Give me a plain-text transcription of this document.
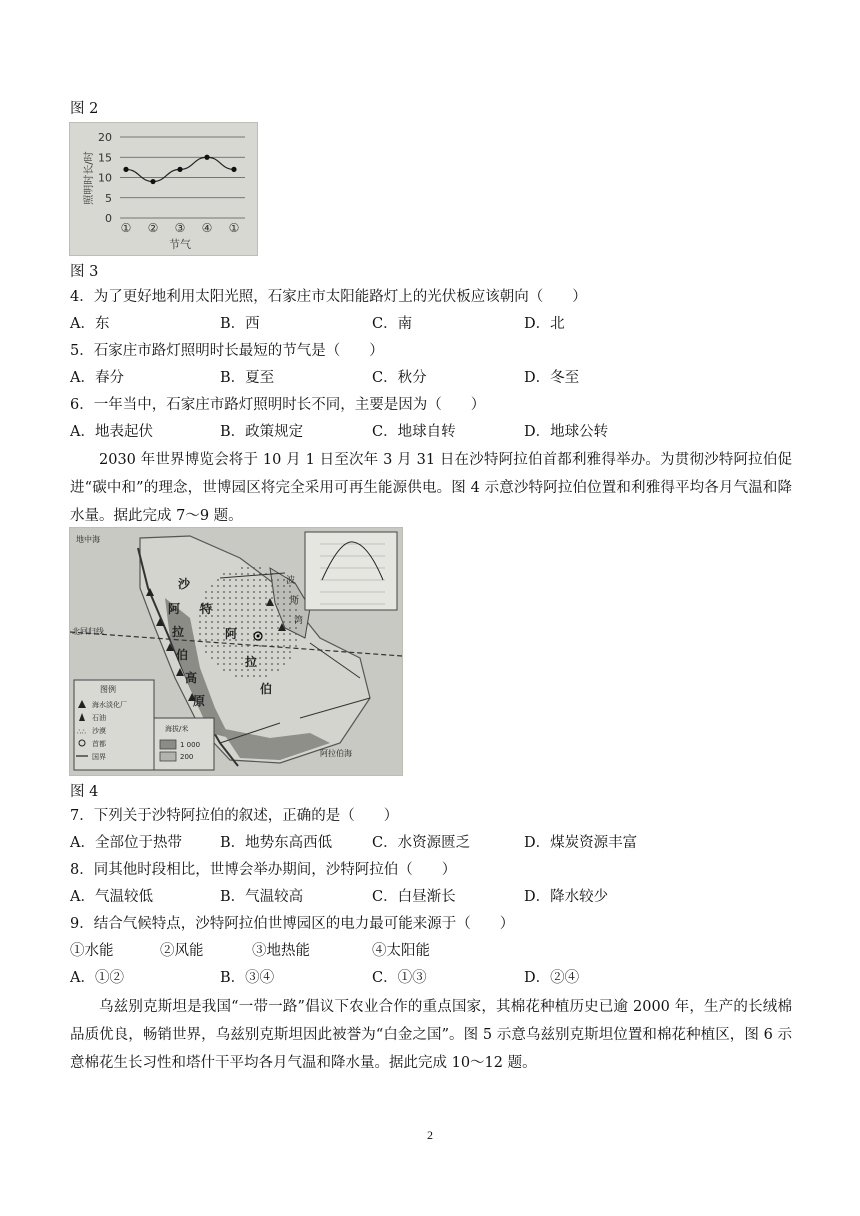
图 2
20
15
10
5
0
① ② ③ ④ ①
节气
照明时长/时
图 3
4．为了更好地利用太阳光照，石家庄市太阳能路灯上的光伏板应该朝向（　　）
A．东	B．西	C．南	D．北
5．石家庄市路灯照明时长最短的节气是（　　）
A．春分	B．夏至	C．秋分	D．冬至
6．一年当中，石家庄市路灯照明时长不同，主要是因为（　　）
A．地表起伏	B．政策规定	C．地球自转	D．地球公转
2030 年世界博览会将于 10 月 1 日至次年 3 月 31 日在沙特阿拉伯首都利雅得举办。为贯彻沙特阿拉伯促进“碳中和”的理念，世博园区将完全采用可再生能源供电。图 4 示意沙特阿拉伯位置和利雅得平均各月气温和降水量。据此完成 7～9 题。
地中海
北回归线
沙
特
阿
拉
伯
阿
拉
伯
高
原
波
斯
湾
阿拉伯海
图例
海水淡化厂
石油
沙漠
首都
国界
∴∴	海拔/米
1 000
200
图 4
7．下列关于沙特阿拉伯的叙述，正确的是（　　）
A．全部位于热带	B．地势东高西低	C．水资源匮乏	D．煤炭资源丰富
8．同其他时段相比，世博会举办期间，沙特阿拉伯（　　）
A．气温较低	B．气温较高	C．白昼渐长	D．降水较少
9．结合气候特点，沙特阿拉伯世博园区的电力最可能来源于（　　）
①水能	②风能	③地热能	④太阳能
A．①②	B．③④	C．①③	D．②④
乌兹别克斯坦是我国“一带一路”倡议下农业合作的重点国家，其棉花种植历史已逾 2000 年，生产的长绒棉品质优良，畅销世界，乌兹别克斯坦因此被誉为“白金之国”。图 5 示意乌兹别克斯坦位置和棉花种植区，图 6 示意棉花生长习性和塔什干平均各月气温和降水量。据此完成 10～12 题。
2
